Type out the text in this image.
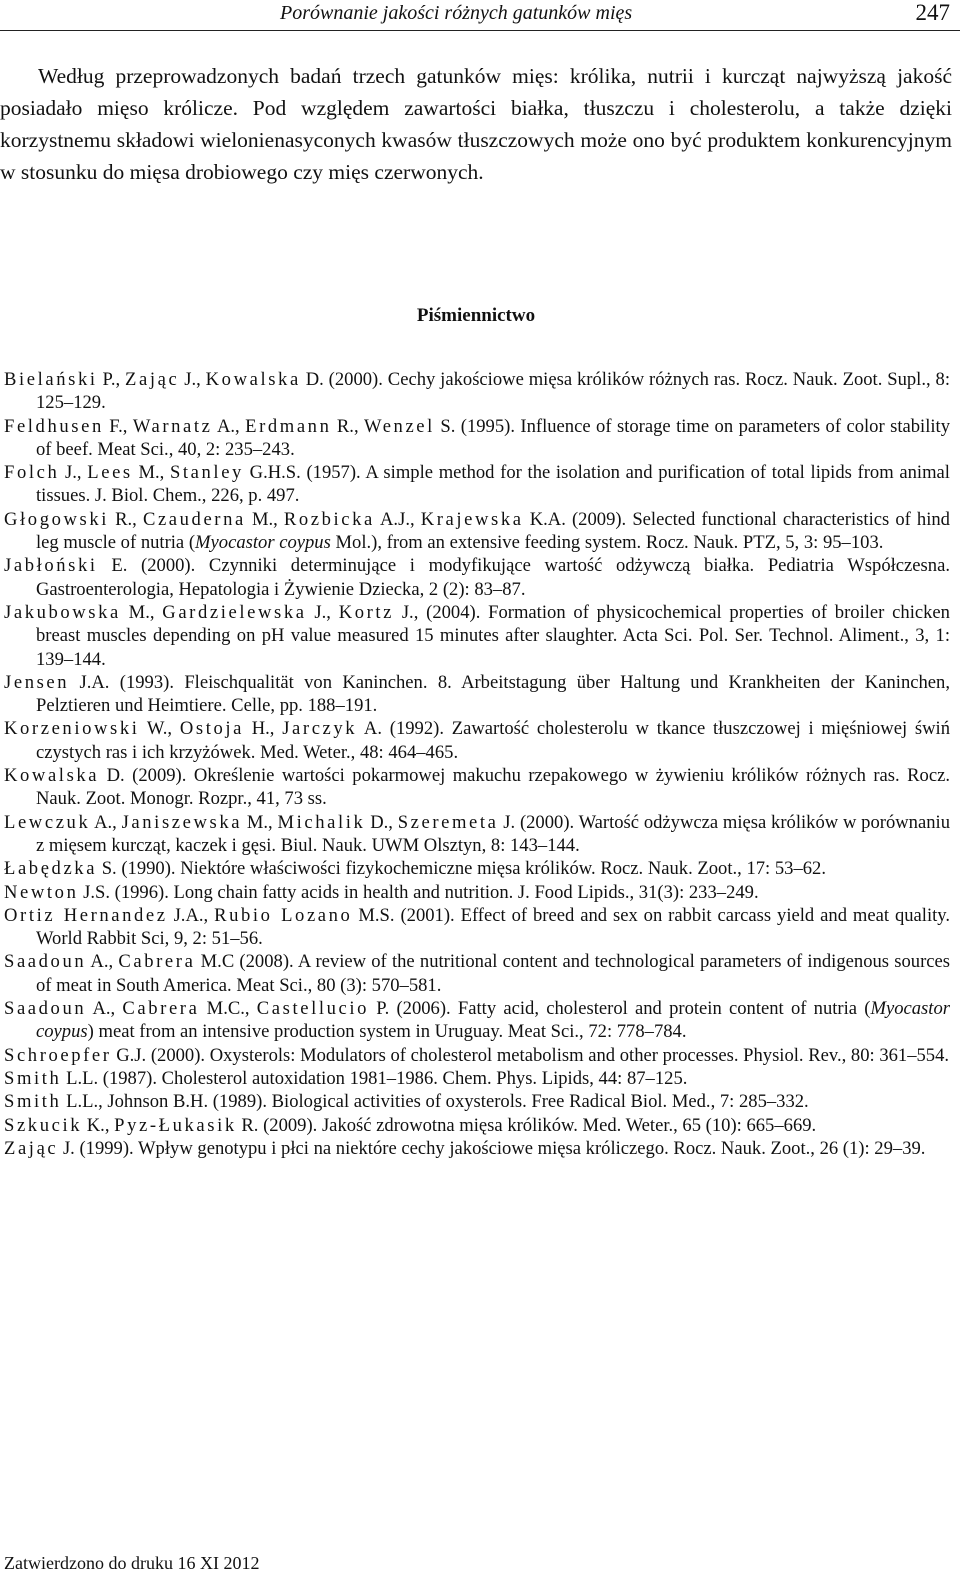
Porównanie jakości różnych gatunków mięs	247

Według przeprowadzonych badań trzech gatunków mięs: królika, nutrii i kurcząt najwyższą jakość posiadało mięso królicze. Pod względem zawartości białka, tłuszczu i cholesterolu, a także dzięki korzystnemu składowi wielonienasyconych kwasów tłuszczowych może ono być produktem konkurencyjnym w stosunku do mięsa drobiowego czy mięs czerwonych.

Piśmiennictwo
Bielański P., Zając J., Kowalska D. (2000). Cechy jakościowe mięsa królików różnych ras. Rocz. Nauk. Zoot. Supl., 8: 125–129.
Feldhusen F., Warnatz A., Erdmann R., Wenzel S. (1995). Influence of storage time on parameters of color stability of beef. Meat Sci., 40, 2: 235–243.
Folch J., Lees M., Stanley G.H.S. (1957). A simple method for the isolation and purification of total lipids from animal tissues. J. Biol. Chem., 226, p. 497.
Głogowski R., Czauderna M., Rozbicka A.J., Krajewska K.A. (2009). Selected functional characteristics of hind leg muscle of nutria (Myocastor coypus Mol.), from an extensive feeding system. Rocz. Nauk. PTZ, 5, 3: 95–103.
Jabłoński E. (2000). Czynniki determinujące i modyfikujące wartość odżywczą białka. Pediatria Współczesna. Gastroenterologia, Hepatologia i Żywienie Dziecka, 2 (2): 83–87.
Jakubowska M., Gardzielewska J., Kortz J., (2004). Formation of physicochemical properties of broiler chicken breast muscles depending on pH value measured 15 minutes after slaughter. Acta Sci. Pol. Ser. Technol. Aliment., 3, 1: 139–144.
Jensen J.A. (1993). Fleischqualität von Kaninchen. 8. Arbeitstagung über Haltung und Krankheiten der Kaninchen, Pelztieren und Heimtiere. Celle, pp. 188–191.
Korzeniowski W., Ostoja H., Jarczyk A. (1992). Zawartość cholesterolu w tkance tłuszczowej i mięśniowej świń czystych ras i ich krzyżówek. Med. Weter., 48: 464–465.
Kowalska D. (2009). Określenie wartości pokarmowej makuchu rzepakowego w żywieniu królików różnych ras. Rocz. Nauk. Zoot. Monogr. Rozpr., 41, 73 ss.
Lewczuk A., Janiszewska M., Michalik D., Szeremeta J. (2000). Wartość odżywcza mięsa królików w porównaniu z mięsem kurcząt, kaczek i gęsi. Biul. Nauk. UWM Olsztyn, 8: 143–144.
Łabędzka S. (1990). Niektóre właściwości fizykochemiczne mięsa królików. Rocz. Nauk. Zoot., 17: 53–62.
Newton J.S. (1996). Long chain fatty acids in health and nutrition. J. Food Lipids., 31(3): 233–249.
Ortiz Hernandez J.A., Rubio Lozano M.S. (2001). Effect of breed and sex on rabbit carcass yield and meat quality. World Rabbit Sci, 9, 2: 51–56.
Saadoun A., Cabrera M.C (2008). A review of the nutritional content and technological parameters of indigenous sources of meat in South America. Meat Sci., 80 (3): 570–581.
Saadoun A., Cabrera M.C., Castellucio P. (2006). Fatty acid, cholesterol and protein content of nutria (Myocastor coypus) meat from an intensive production system in Uruguay. Meat Sci., 72: 778–784.
Schroepfer G.J. (2000). Oxysterols: Modulators of cholesterol metabolism and other processes. Physiol. Rev., 80: 361–554.
Smith L.L. (1987). Cholesterol autoxidation 1981–1986. Chem. Phys. Lipids, 44: 87–125.
Smith L.L., Johnson B.H. (1989). Biological activities of oxysterols. Free Radical Biol. Med., 7: 285–332.
Szkucik K., Pyz-Łukasik R. (2009). Jakość zdrowotna mięsa królików. Med. Weter., 65 (10): 665–669.
Zając J. (1999). Wpływ genotypu i płci na niektóre cechy jakościowe mięsa króliczego. Rocz. Nauk. Zoot., 26 (1): 29–39.
Zatwierdzono do druku 16 XI 2012
